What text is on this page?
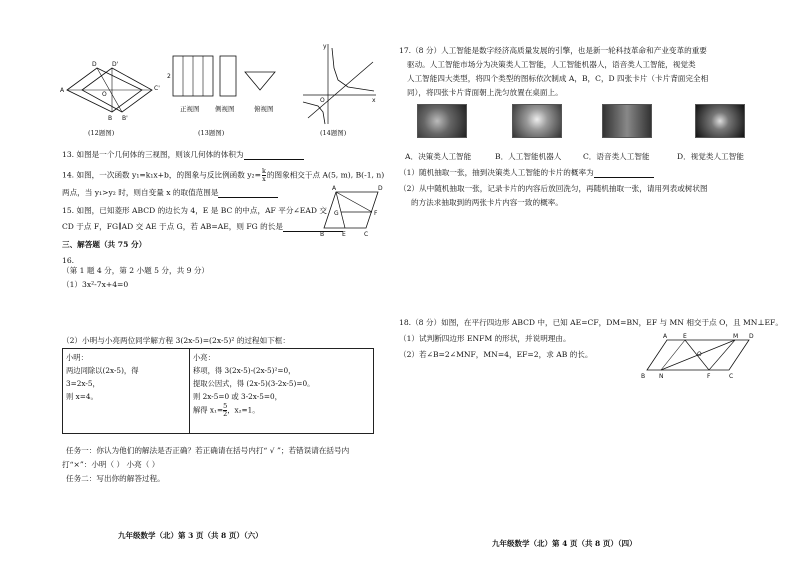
A
D	D'
C'
O
B B'
(12题图)
2
正视图 侧视图	俯视图
(13题图)
y
x
O
(14题图)
13. 如图是一个几何体的三视图，则该几何体的体积为
14. 如图，一次函数 y₁=k₁x+b，的图象与反比例函数 $y_2= \frac{k}{x}$ 的图象相交于点 A(5, m), B(-1, n)
两点，当 y₁>y₂ 时，则自变量 x 的取值范围是	A	D
F
G
B	E	C
15. 如图，已知菱形 ABCD 的边长为 4，E 是 BC 的中点，AF 平分∠EAD 交
CD 于点 F，FG∥AD 交 AE 于点 G，若 AB=AE，则 FG 的长是
三、解答题（共 75 分）
16.
（第 1 题 4 分，第 2 小题 5 分，共 9 分）
（1）3x²-7x+4=0
（2）小明与小亮两位同学解方程 3(2x-5)=(2x-5)² 的过程如下框：
小明：
两边同除以(2x-5)，得
3=2x-5，
则 x=4。

小亮：
移项，得 3(2x-5)-(2x-5)²=0，
提取公因式，得 (2x-5)(3-2x-5)=0。
则 2x-5=0 或 3-2x-5=0，
解得 $x_1= \frac{5}{2}$ ，x₂=1。
任务一：你认为他们的解法是否正确？若正确请在括号内打“ √ ”；若错误请在括号内
打“×”：小明（ ） 小亮（ ）
任务二：写出你的解答过程。
九年级数学（北）第 3 页（共 8 页）（六）
17.（8 分）人工智能是数字经济高质量发展的引擎，也是新一轮科技革命和产业变革的重要
驱动。人工智能市场分为决策类人工智能，人工智能机器人，语音类人工智能，视觉类
人工智能四大类型，将四个类型的图标依次制成 A，B，C，D 四张卡片（卡片背面完全相
同），将四张卡片背面朝上洗匀放置在桌面上。
A．决策类人工智能	B．人工智能机器人	C．语音类人工智能	D．视觉类人工智能
（1）随机抽取一张，抽到决策类人工智能的卡片的概率为
（2）从中随机抽取一张，记录卡片的内容后放回洗匀，再随机抽取一张，请用列表或树状图
的方法求抽取到的两张卡片内容一致的概率。
18.（8 分）如图，在平行四边形 ABCD 中，已知 AE=CF，DM=BN，EF 与 MN 相交于点 O，且 MN⊥EF。
（1）试判断四边形 ENFM 的形状，并说明理由。
（2）若∠B=2∠MNF，MN=4，EF=2，求 AB 的长。
A	E	M D
O
B N	F	C
九年级数学（北）第 4 页（共 8 页）（四）
